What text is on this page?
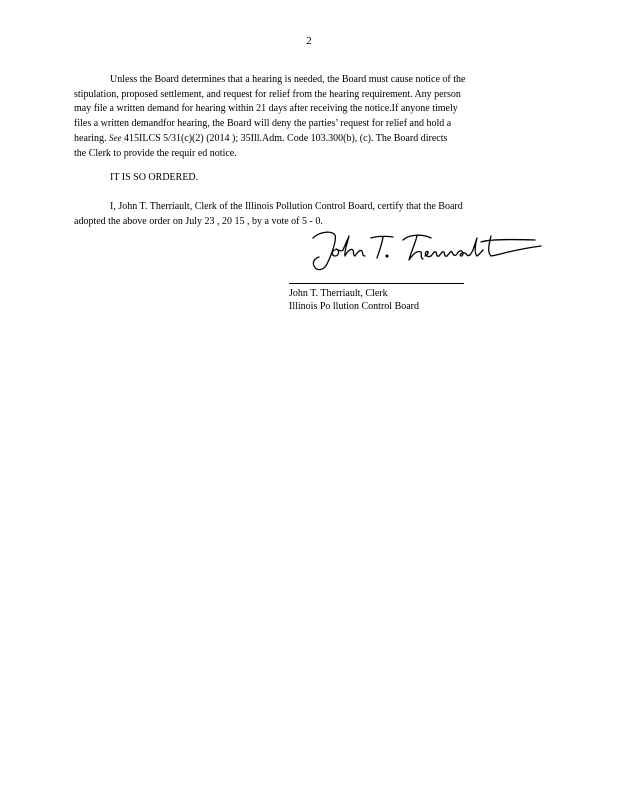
2
Unless the Board determines that a hearing is needed, the Board must cause notice of the
stipulation, proposed settlement, and request for relief from the hearing requirement. Any person
may file a written demand for hearing within 21 days after receiving the notice.If anyone timely
files a written demandfor hearing, the Board will deny the parties’ request for relief and hold a
hearing. See 415ILCS 5/31(c)(2) (2014 ); 35Ill.Adm. Code 103.300(b), (c). The Board directs
the Clerk to provide the requir ed notice.
IT IS SO ORDERED.
I, John T. Therriault, Clerk of the Illinois Pollution Control Board, certify that the Board
adopted the above order on July 23 , 20 15 , by a vote of 5 - 0.
John T. Therriault, Clerk
Illinois Po llution Control Board
